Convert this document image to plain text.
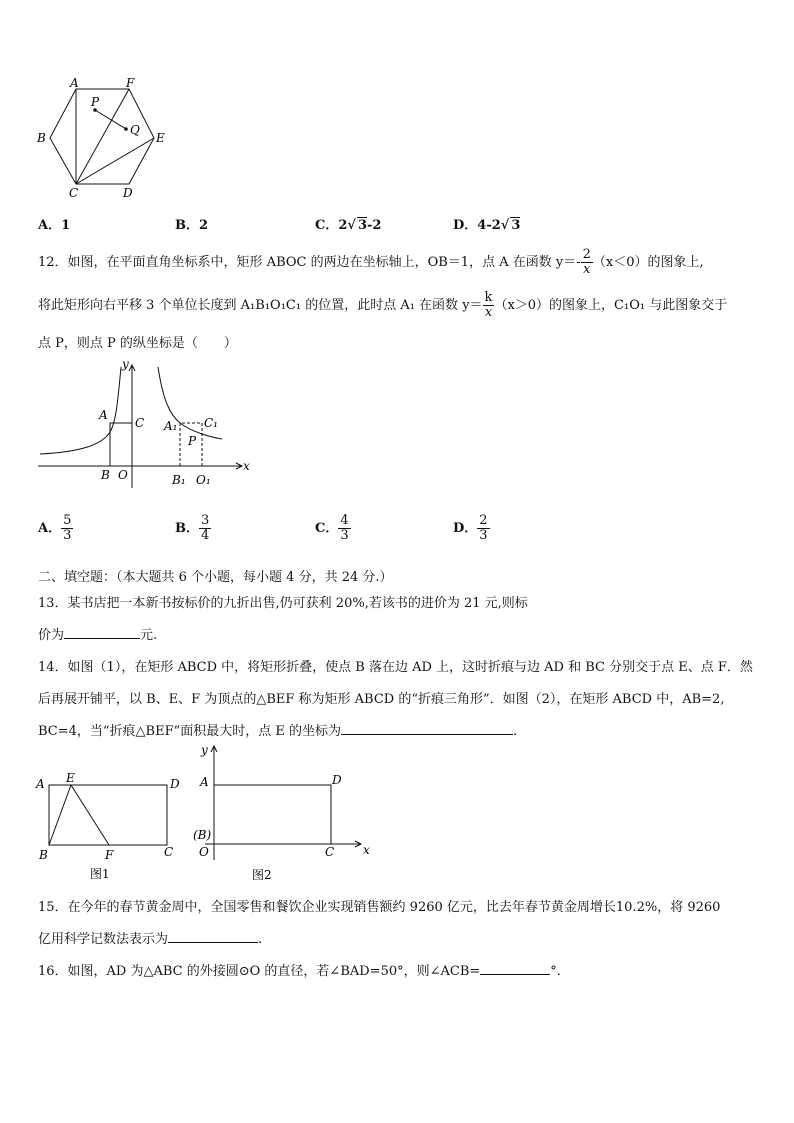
A	F
B	E
C	D
P
Q
A．1	B．2	C．2√ 3-2	D．4-2√ 3
12．如图，在平面直角坐标系中，矩形 ABOC 的两边在坐标轴上，OB＝1，点 A 在函数 $y=- \frac{2}{x} (x<0)$的图象上,
将此矩形向右平移 3 个单位长度到 A₁B₁O₁C₁ 的位置，此时点 A₁ 在函数 $y= \frac{k}{x} (x>0)$的图象上，C₁O₁ 与此图象交于
点 P，则点 P 的纵坐标是（　　）
y
x
A
C
B O
A₁ C₁
P
B₁ O₁
A． $\frac{5}{3}$	B． $\frac{3}{4}$	C． $\frac{4}{3}$	D． $\frac{2}{3}$
二、填空题：（本大题共 6 个小题，每小题 4 分，共 24 分.）
13．某书店把一本新书按标价的九折出售,仍可获利 20%,若该书的进价为 21 元,则标
价为	元.
14．如图（1），在矩形 ABCD 中，将矩形折叠，使点 B 落在边 AD 上，这时折痕与边 AD 和 BC 分别交于点 E、点 F．然
后再展开铺平，以 B、E、F 为顶点的△BEF 称为矩形 ABCD 的“折痕三角形”．如图（2），在矩形 ABCD 中，AB=2,
BC=4，当“折痕△BEF”面积最大时，点 E 的坐标为	.
A E	D
B	F	C
图1
y
A	D
(B)
O	C x
图2
15．在今年的春节黄金周中，全国零售和餐饮企业实现销售额约 9260 亿元，比去年春节黄金周增长10.2%，将 9260
亿用科学记数法表示为	.
16．如图，AD 为△ABC 的外接圆⊙O 的直径，若∠BAD=50°，则∠ACB=	°．
